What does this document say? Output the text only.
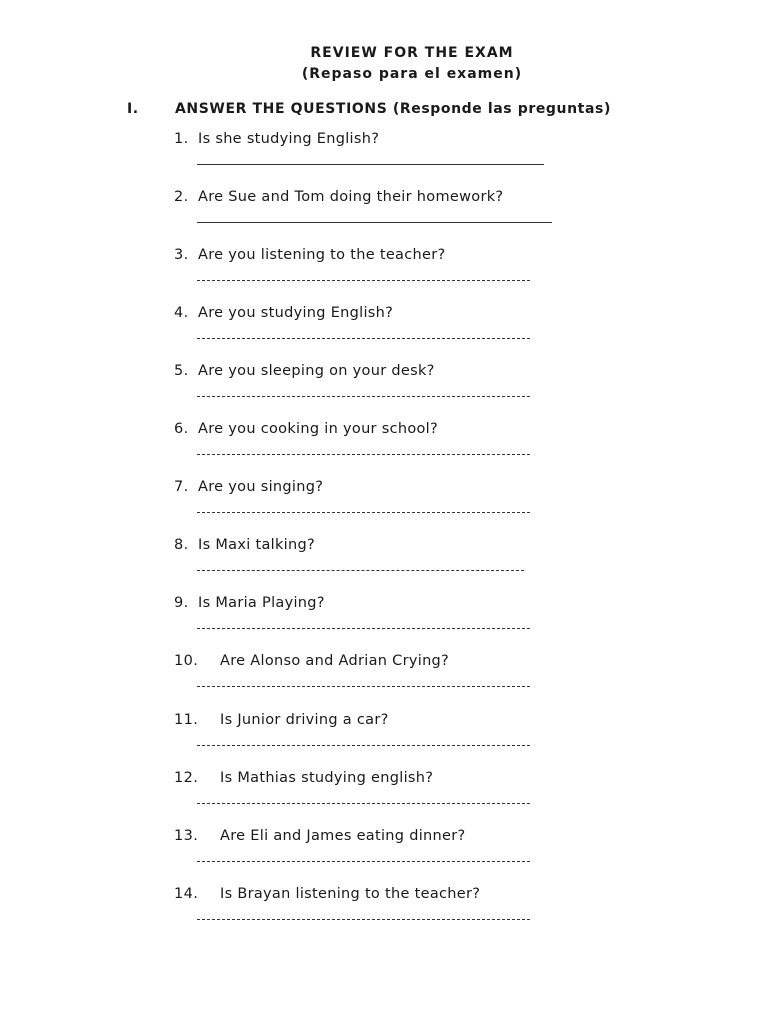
REVIEW FOR THE EXAM
(Repaso para el examen)
I.	ANSWER THE QUESTIONS (Responde las preguntas)
1. Is she studying English?
2. Are Sue and Tom doing their homework?
3. Are you listening to the teacher?
4. Are you studying English?
5. Are you sleeping on your desk?
6. Are you cooking in your school?
7. Are you singing?
8. Is Maxi talking?
9. Is Maria Playing?
10. Are Alonso and Adrian Crying?
11. Is Junior driving a car?
12. Is Mathias studying english?
13. Are Eli and James eating dinner?
14. Is Brayan listening to the teacher?
